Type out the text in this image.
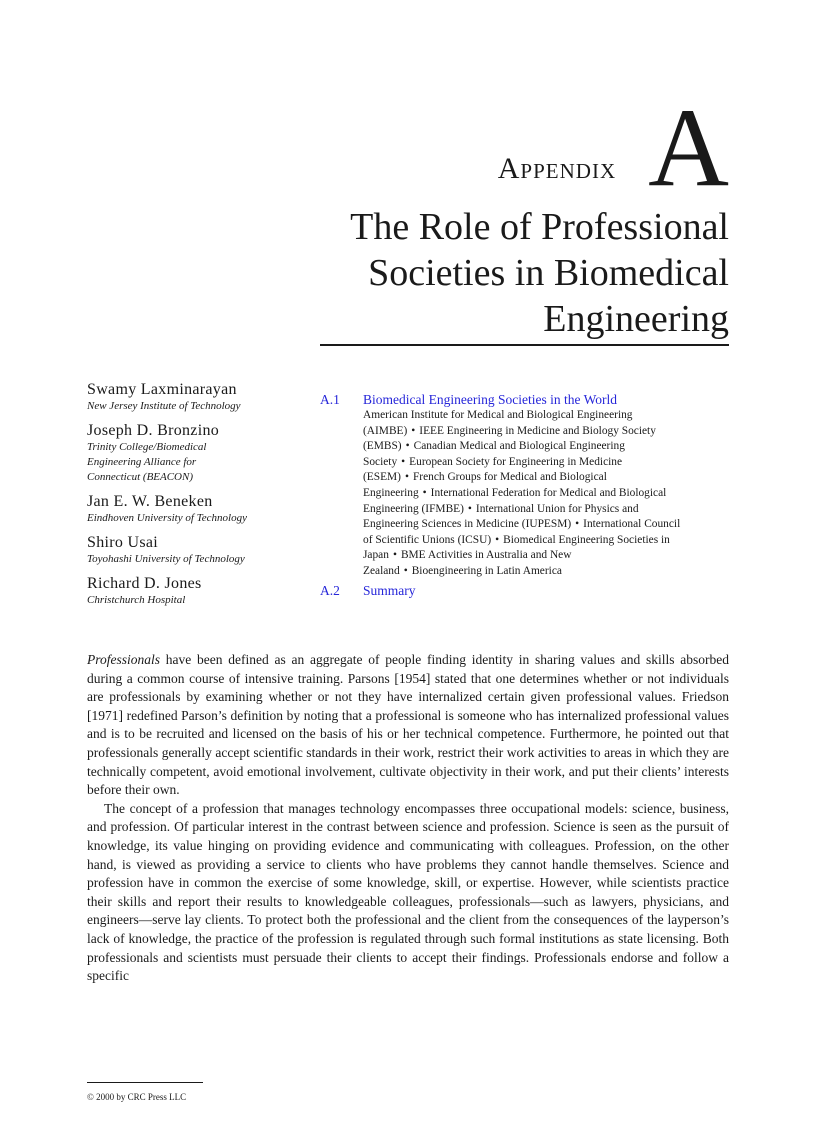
Appendix A
The Role of Professional
Societies in Biomedical
Engineering
Swamy Laxminarayan
New Jersey Institute of Technology
Joseph D. Bronzino
Trinity College/Biomedical Engineering Alliance for Connecticut (BEACON)
Jan E. W. Beneken
Eindhoven University of Technology
Shiro Usai
Toyohashi University of Technology
Richard D. Jones
Christchurch Hospital
A.1	Biomedical Engineering Societies in the World
American Institute for Medical and Biological Engineering (AIMBE) • IEEE Engineering in Medicine and Biology Society (EMBS) • Canadian Medical and Biological Engineering Society • European Society for Engineering in Medicine (ESEM) • French Groups for Medical and Biological Engineering • International Federation for Medical and Biological Engineering (IFMBE) • International Union for Physics and Engineering Sciences in Medicine (IUPESM) • International Council of Scientific Unions (ICSU) • Biomedical Engineering Societies in Japan • BME Activities in Australia and New Zealand • Bioengineering in Latin America
A.2	Summary

Professionals have been defined as an aggregate of people finding identity in sharing values and skills absorbed during a common course of intensive training. Parsons [1954] stated that one determines whether or not individuals are professionals by examining whether or not they have internalized certain given professional values. Friedson [1971] redefined Parson’s definition by noting that a professional is someone who has internalized professional values and is to be recruited and licensed on the basis of his or her technical competence. Furthermore, he pointed out that professionals generally accept scientific standards in their work, restrict their work activities to areas in which they are technically competent, avoid emotional involvement, cultivate objectivity in their work, and put their clients’ interests before their own.

The concept of a profession that manages technology encompasses three occupational models: science, business, and profession. Of particular interest in the contrast between science and profession. Science is seen as the pursuit of knowledge, its value hinging on providing evidence and communicating with colleagues. Profession, on the other hand, is viewed as providing a service to clients who have problems they cannot handle themselves. Science and profession have in common the exercise of some knowledge, skill, or expertise. However, while scientists practice their skills and report their results to knowledgeable colleagues, professionals—such as lawyers, physicians, and engineers—serve lay clients. To protect both the professional and the client from the consequences of the layperson’s lack of knowledge, the practice of the profession is regulated through such formal institutions as state licensing. Both professionals and scientists must persuade their clients to accept their findings. Professionals endorse and follow a specific

© 2000 by CRC Press LLC
